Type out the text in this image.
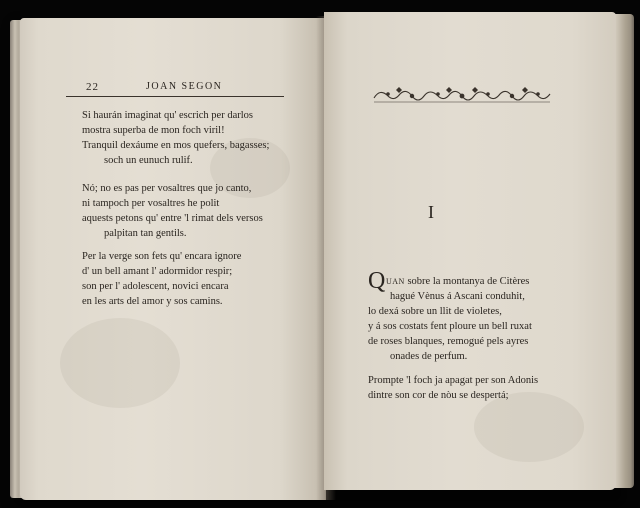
22	JOAN SEGON
Si haurán imaginat qu' escrich per darlos
mostra superba de mon foch viril!
Tranquil dexáume en mos quefers, bagasses;
soch un eunuch rulif.
Nó; no es pas per vosaltres que jo canto,
ni tampoch per vosaltres he polit
aquests petons qu' entre 'l rimat dels versos
palpitan tan gentils.
Per la verge son fets qu' encara ignore
d' un bell amant l' adormidor respir;
son per l' adolescent, novici encara
en les arts del amor y sos camins.
I
Q UAN sobre la montanya de Citères
hagué Vènus á Ascani conduhit,
lo dexá sobre un llit de violetes,
y á sos costats fent ploure un bell ruxat
de roses blanques, remogué pels ayres
onades de perfum.
Prompte 'l foch ja apagat per son Adonis
dintre son cor de nòu se despertá;
